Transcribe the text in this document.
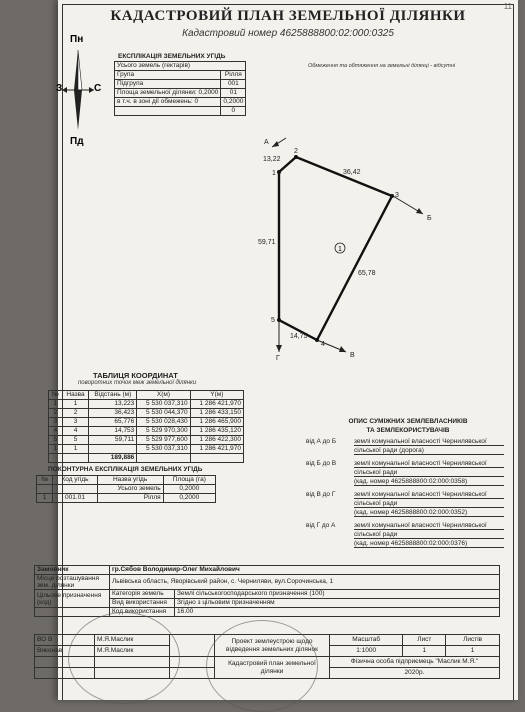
11
КАДАСТРОВИЙ ПЛАН ЗЕМЕЛЬНОЇ ДІЛЯНКИ
Кадастровий номер 4625888800:02:000:0325
Пн
Пд
З	С
ЕКСПЛІКАЦІЯ ЗЕМЕЛЬНИХ УГІДЬ
Усього земель (гектарів)	
Група	Рілля
Підгрупа	001
Площа земельної ділянки: 0,2000	01
в т.ч. в зоні дії обмежень: 0	0,2000
	0
Обмеження та обтяження на земельні ділянці - відсутні
1
1
2
3
4
5
13,22
36,42
65,78
14,75
59,71
А
Б
В
Г
ТАБЛИЦЯ КООРДИНАТ
поворотних точок меж земельної ділянки
№	Назва	Відстань (м)	X(м)	Y(м)
1	1	13,223	5 530 037,310	1 286 421,970
2	2	36,423	5 530 044,370	1 286 433,150
3	3	65,776	5 530 028,430	1 286 465,900
4	4	14,753	5 529 970,300	1 286 435,120
5	5	59,711	5 529 977,600	1 286 422,300
1	1		5 530 037,310	1 286 421,970
		189,886		
ОПИС СУМІЖНИХ ЗЕМЛЕВЛАСНИКІВ
ТА ЗЕМЛЕКОРИСТУВАЧІВ
від А до Б	землі комунальної власності Чернилявської
сільської ради (дорога)
від Б до В	землі комунальної власності Чернилявської
сільської ради
(кад. номер 4625888800:02:000:0358)
від В до Г	землі комунальної власності Чернилявської
сільської ради
(кад. номер 4625888800:02:000:0352)
від Г до А	землі комунальної власності Чернилявської
сільської ради
(кад. номер 4625888800:02:000:0376)
ПОКОНТУРНА ЕКСПЛІКАЦІЯ ЗЕМЕЛЬНИХ УГІДЬ
№	Код угідь	Назва угідь	Площа (га)
		Усього земель	0,2000
1	001.01	Рілля	0,2000
Замовник	гр.Сябов Володимир-Олег Михайлович	
Місце розташування зем. ділянки	Львівська область, Яворівський район, с. Черниляви, вул.Сорочинська, 1	
Цільове призначення (код)	Категорія земель	Землі сільськогосподарського призначення (100)
	Вид використання	Згідно з цільовим призначенням
	Код використання	16.00
ВО В	М.Я.Маслик		Проект землеустрою щодо відведення земельних ділянок	Масштаб	Лист	Листів
Виконав	М.Я.Маслик			1:1000	1	1
			Кадастровий план земельної ділянки	Фізична особа підприємець "Маслик М.Я."		
				2020р.		
